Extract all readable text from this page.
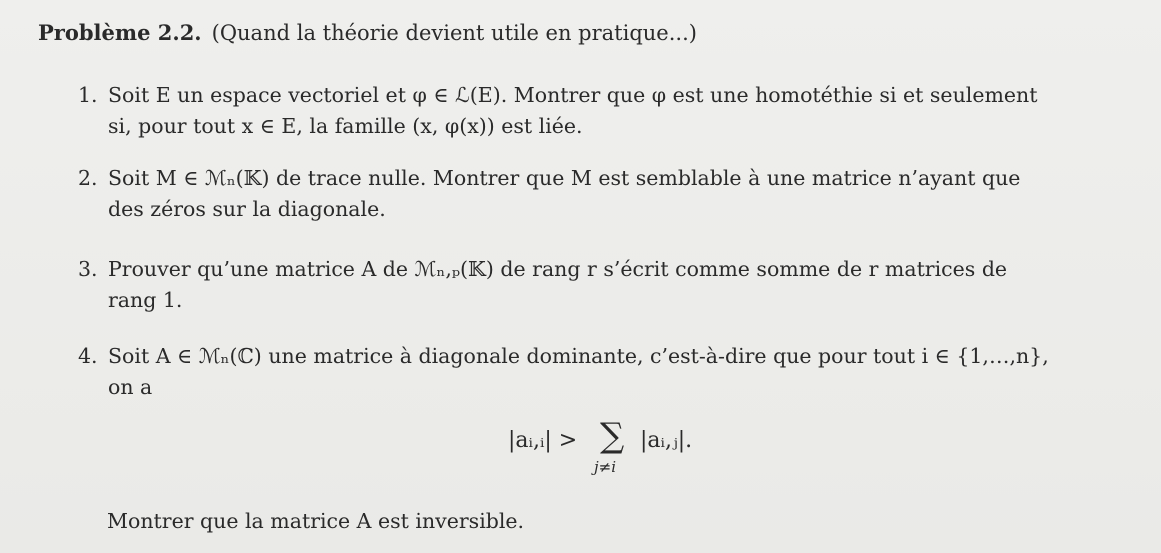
Problème 2.2. (Quand la théorie devient utile en pratique...)
1. Soit E un espace vectoriel et φ ∈ ℒ(E). Montrer que φ est une homotéthie si et seulement
si, pour tout x ∈ E, la famille (x, φ(x)) est liée.
2. Soit M ∈ ℳₙ(𝕂) de trace nulle. Montrer que M est semblable à une matrice n’ayant que
des zéros sur la diagonale.
3. Prouver qu’une matrice A de ℳₙ,ₚ(𝕂) de rang r s’écrit comme somme de r matrices de
rang 1.
4. Soit A ∈ ℳₙ(ℂ) une matrice à diagonale dominante, c’est-à-dire que pour tout i ∈ {1,…,n},
on a
|aᵢ,ᵢ| > ∑
j≠i
|aᵢ,ⱼ|.
Montrer que la matrice A est inversible.
